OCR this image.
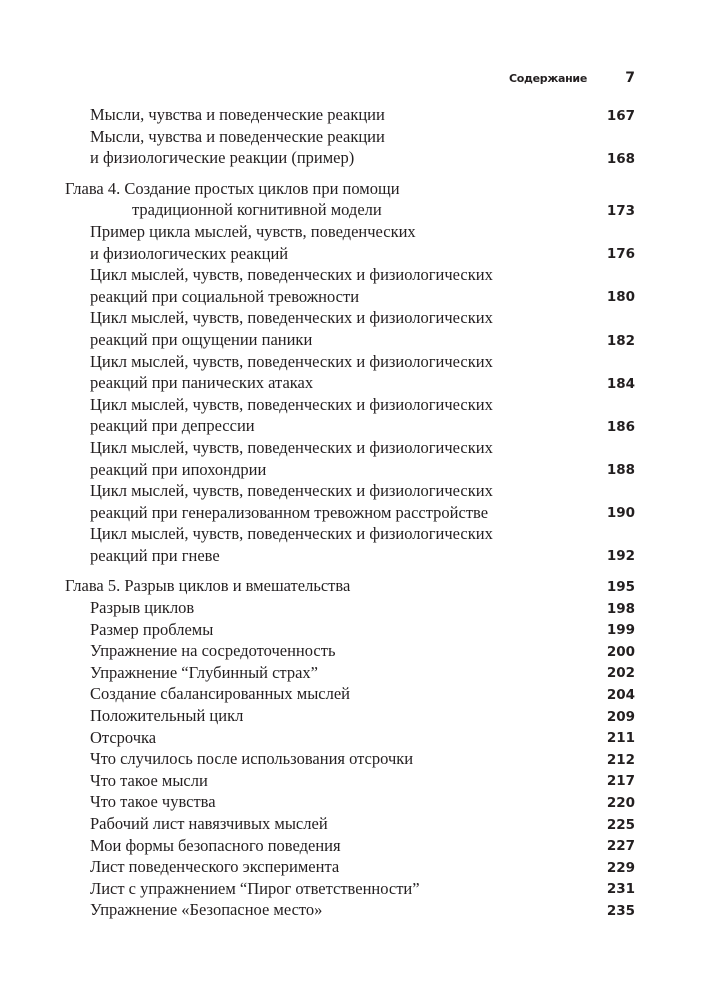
Содержание	7
Мысли, чувства и поведенческие реакции	167
Мысли, чувства и поведенческие реакции
и физиологические реакции (пример)	168
Глава 4. Создание простых циклов при помощи
традиционной когнитивной модели	173
Пример цикла мыслей, чувств, поведенческих
и физиологических реакций	176
Цикл мыслей, чувств, поведенческих и физиологических
реакций при социальной тревожности	180
Цикл мыслей, чувств, поведенческих и физиологических
реакций при ощущении паники	182
Цикл мыслей, чувств, поведенческих и физиологических
реакций при панических атаках	184
Цикл мыслей, чувств, поведенческих и физиологических
реакций при депрессии	186
Цикл мыслей, чувств, поведенческих и физиологических
реакций при ипохондрии	188
Цикл мыслей, чувств, поведенческих и физиологических
реакций при генерализованном тревожном расстройстве	190
Цикл мыслей, чувств, поведенческих и физиологических
реакций при гневе	192
Глава 5. Разрыв циклов и вмешательства	195
Разрыв циклов	198
Размер проблемы	199
Упражнение на сосредоточенность	200
Упражнение “Глубинный страх”	202
Создание сбалансированных мыслей	204
Положительный цикл	209
Отсрочка	211
Что случилось после использования отсрочки	212
Что такое мысли	217
Что такое чувства	220
Рабочий лист навязчивых мыслей	225
Мои формы безопасного поведения	227
Лист поведенческого эксперимента	229
Лист с упражнением “Пирог ответственности”	231
Упражнение «Безопасное место»	235
